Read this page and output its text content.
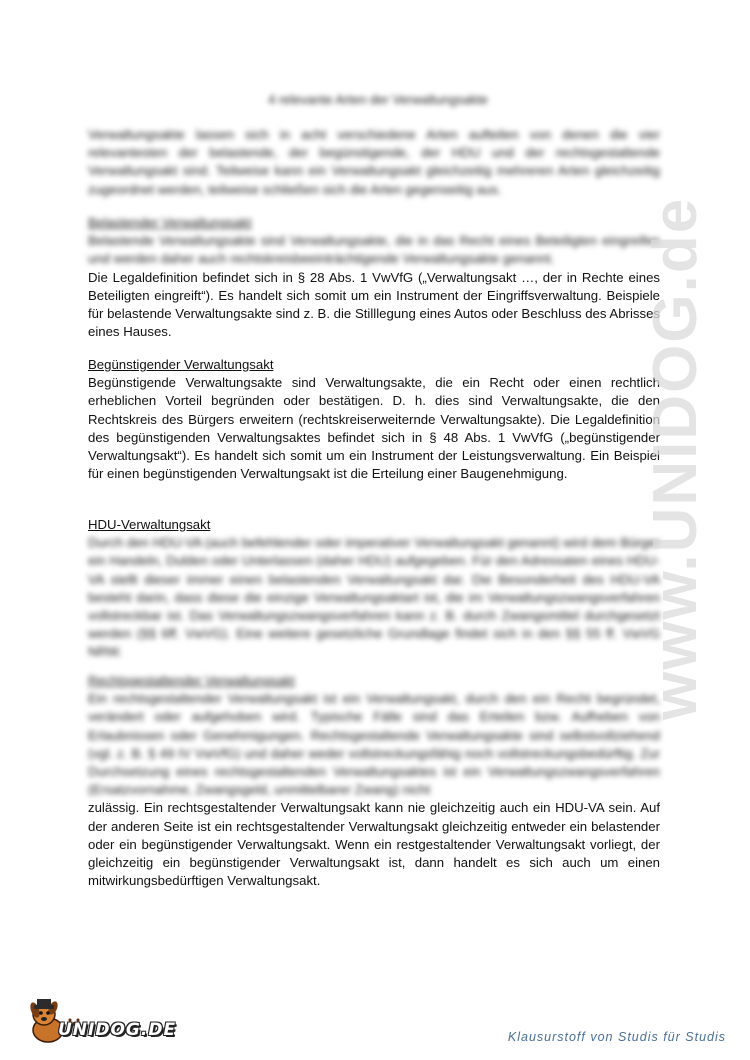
4 relevante Arten der Verwaltungsakte

Verwaltungsakte lassen sich in acht verschiedene Arten aufteilen von denen die vier relevantesten der belastende, der begünstigende, der HDU und der rechtsgestaltende Verwaltungsakt sind. Teilweise kann ein Verwaltungsakt gleichzeitig mehreren Arten gleichzeitig zugeordnet werden, teilweise schließen sich die Arten gegenseitig aus.

Belastender Verwaltungsakt

Belastende Verwaltungsakte sind Verwaltungsakte, die in das Recht eines Beteiligten eingreifen und werden daher auch rechtskreisbeeinträchtigende Verwaltungsakte genannt.

Die Legaldefinition befindet sich in § 28 Abs. 1 VwVfG („Verwaltungsakt …, der in Rechte eines Beteiligten eingreift“). Es handelt sich somit um ein Instrument der Eingriffsverwaltung. Beispiele für belastende Verwaltungsakte sind z. B. die Stilllegung eines Autos oder Beschluss des Abrisses eines Hauses.

Begünstigender Verwaltungsakt

Begünstigende Verwaltungsakte sind Verwaltungsakte, die ein Recht oder einen rechtlich erheblichen Vorteil begründen oder bestätigen. D. h. dies sind Verwaltungsakte, die den Rechtskreis des Bürgers erweitern (rechtskreiserweiternde Verwaltungsakte). Die Legaldefinition des begünstigenden Verwaltungsaktes befindet sich in § 48 Abs. 1 VwVfG („begünstigender Verwaltungsakt“). Es handelt sich somit um ein Instrument der Leistungsverwaltung. Ein Beispiel für einen begünstigenden Verwaltungsakt ist die Erteilung einer Baugenehmigung.

HDU-Verwaltungsakt

Durch den HDU-VA (auch befehlender oder imperativer Verwaltungsakt genannt) wird dem Bürger ein Handeln, Dulden oder Unterlassen (daher HDU) aufgegeben. Für den Adressaten eines HDU-VA stellt dieser immer einen belastenden Verwaltungsakt dar. Die Besonderheit des HDU-VA besteht darin, dass diese die einzige Verwaltungsaktart ist, die im Verwaltungszwangsverfahren vollstreckbar ist. Das Verwaltungszwangsverfahren kann z. B. durch Zwangsmittel durchgesetzt werden (§§ 6ff. VwVG). Eine weitere gesetzliche Grundlage findet sich in den §§ 55 ff. VwVG NRW.

Rechtsgestaltender Verwaltungsakt

Ein rechtsgestaltender Verwaltungsakt ist ein Verwaltungsakt, durch den ein Recht begründet, verändert oder aufgehoben wird. Typische Fälle sind das Erteilen bzw. Aufheben von Erlaubnissen oder Genehmigungen. Rechtsgestaltende Verwaltungsakte sind selbstvollziehend (vgl. z. B. § 49 IV VwVfG) und daher weder vollstreckungsfähig noch vollstreckungsbedürftig. Zur Durchsetzung eines rechtsgestaltenden Verwaltungsaktes ist ein Verwaltungszwangsverfahren (Ersatzvornahme, Zwangsgeld, unmittelbarer Zwang) nicht

zulässig. Ein rechtsgestaltender Verwaltungsakt kann nie gleichzeitig auch ein HDU-VA sein. Auf der anderen Seite ist ein rechtsgestaltender Verwaltungsakt gleichzeitig entweder ein belastender oder ein begünstigender Verwaltungsakt. Wenn ein restgestaltender Verwaltungsakt vorliegt, der gleichzeitig ein begünstigender Verwaltungsakt ist, dann handelt es sich auch um einen mitwirkungsbedürftigen Verwaltungsakt.

www.UNIDOG.de
UNIDOG.DE	Klausurstoff von Studis für Studis
